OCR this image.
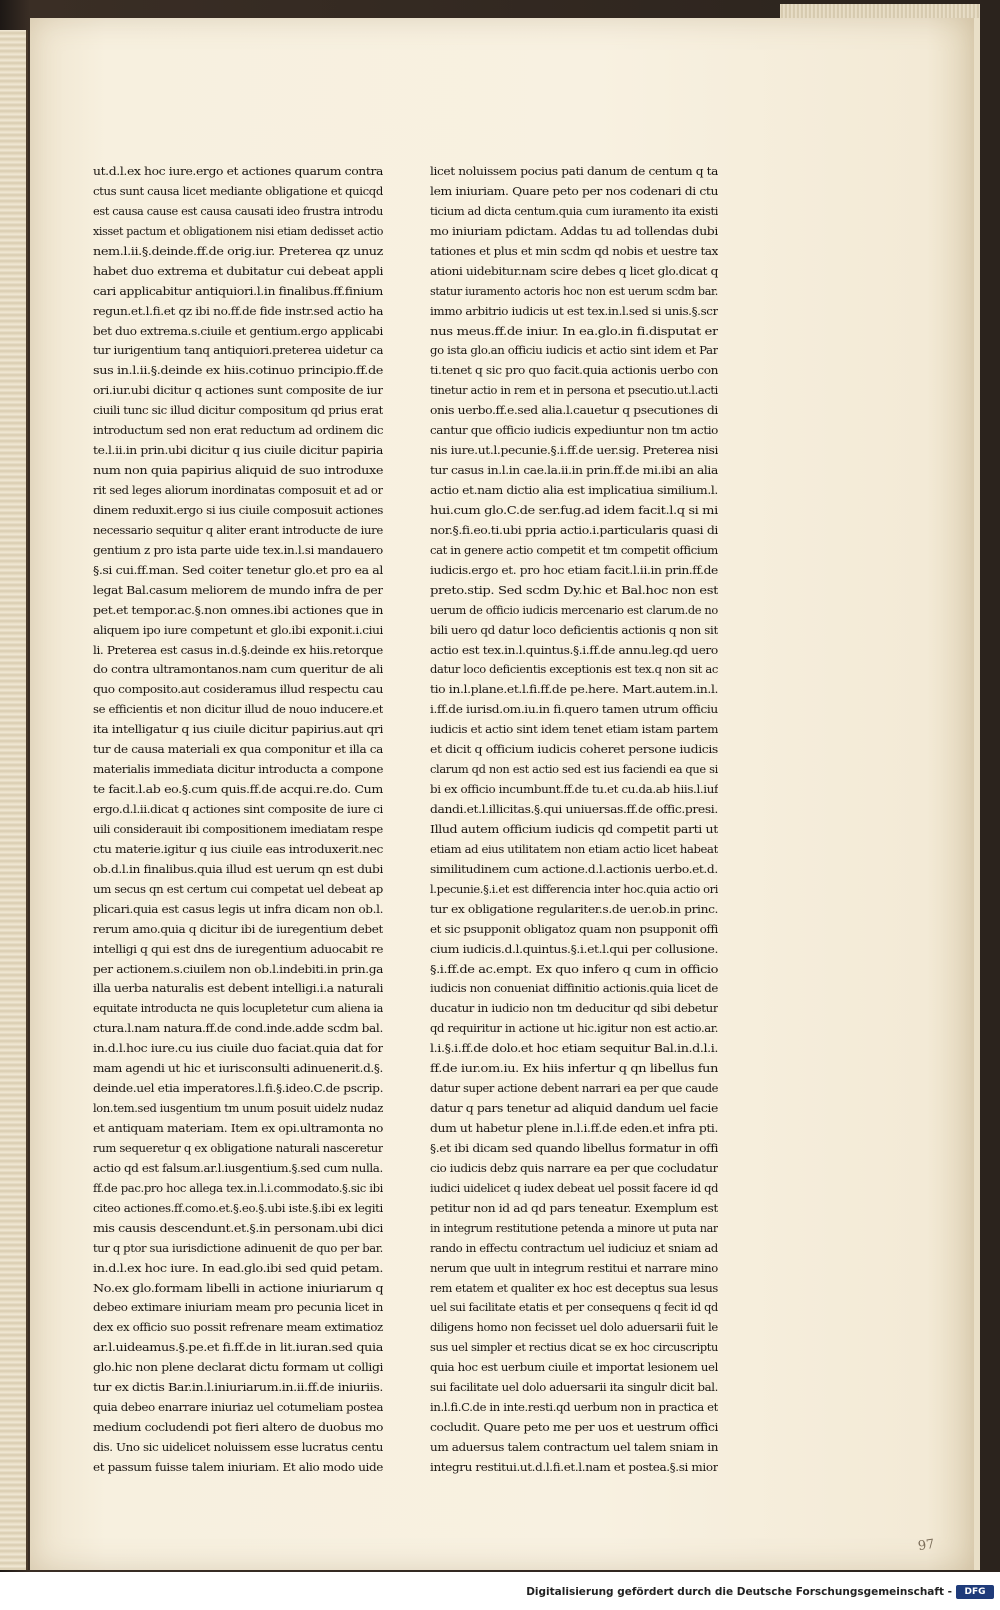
ut.d.l.ex hoc iure.ergo et actiones quarum contra
ctus sunt causa licet mediante obligatione et quicqd
est causa cause est causa causati ideo frustra introdu
xisset pactum et obligationem nisi etiam dedisset actio
nem.l.ii.§.deinde.ff.de orig.iur. Preterea qz unuz
habet duo extrema et dubitatur cui debeat appli
cari applicabitur antiquiori.l.in finalibus.ff.finium
regun.et.l.fi.et qz ibi no.ff.de fide instr.sed actio ha
bet duo extrema.s.ciuile et gentium.ergo applicabi
tur iurigentium tanq antiquiori.preterea uidetur ca
sus in.l.ii.§.deinde ex hiis.cotinuo principio.ff.de
ori.iur.ubi dicitur q actiones sunt composite de iur
ciuili tunc sic illud dicitur compositum qd prius erat
introductum sed non erat reductum ad ordinem dic
te.l.ii.in prin.ubi dicitur q ius ciuile dicitur papiria
num non quia papirius aliquid de suo introduxe
rit sed leges aliorum inordinatas composuit et ad or
dinem reduxit.ergo si ius ciuile composuit actiones
necessario sequitur q aliter erant introducte de iure
gentium z pro ista parte uide tex.in.l.si mandauero
§.si cui.ff.man. Sed coiter tenetur glo.et pro ea al
legat Bal.casum meliorem de mundo infra de per
pet.et tempor.ac.§.non omnes.ibi actiones que in
aliquem ipo iure competunt et glo.ibi exponit.i.ciui
li. Preterea est casus in.d.§.deinde ex hiis.retorque
do contra ultramontanos.nam cum queritur de ali
quo composito.aut cosideramus illud respectu cau
se efficientis et non dicitur illud de nouo inducere.et
ita intelligatur q ius ciuile dicitur papirius.aut qri
tur de causa materiali ex qua componitur et illa ca
materialis immediata dicitur introducta a compone
te facit.l.ab eo.§.cum quis.ff.de acqui.re.do. Cum
ergo.d.l.ii.dicat q actiones sint composite de iure ci
uili considerauit ibi compositionem imediatam respe
ctu materie.igitur q ius ciuile eas introduxerit.nec
ob.d.l.in finalibus.quia illud est uerum qn est dubi
um secus qn est certum cui competat uel debeat ap
plicari.quia est casus legis ut infra dicam non ob.l.
rerum amo.quia q dicitur ibi de iuregentium debet
intelligi q qui est dns de iuregentium aduocabit re
per actionem.s.ciuilem non ob.l.indebiti.in prin.ga
illa uerba naturalis est debent intelligi.i.a naturali
equitate introducta ne quis locupletetur cum aliena ia
ctura.l.nam natura.ff.de cond.inde.adde scdm bal.
in.d.l.hoc iure.cu ius ciuile duo faciat.quia dat for
mam agendi ut hic et iurisconsulti adinuenerit.d.§.
deinde.uel etia imperatores.l.fi.§.ideo.C.de pscrip.
lon.tem.sed iusgentium tm unum posuit uidelz nudaz
et antiquam materiam. Item ex opi.ultramonta no
rum sequeretur q ex obligatione naturali nasceretur
actio qd est falsum.ar.l.iusgentium.§.sed cum nulla.
ff.de pac.pro hoc allega tex.in.l.i.commodato.§.sic ibi
citeo actiones.ff.como.et.§.eo.§.ubi iste.§.ibi ex legiti
mis causis descendunt.et.§.in personam.ubi dici
tur q ptor sua iurisdictione adinuenit de quo per bar.
in.d.l.ex hoc iure. In ead.glo.ibi sed quid petam.
No.ex glo.formam libelli in actione iniuriarum q
debeo extimare iniuriam meam pro pecunia licet in
dex ex officio suo possit refrenare meam extimatioz
ar.l.uideamus.§.pe.et fi.ff.de in lit.iuran.sed quia
glo.hic non plene declarat dictu formam ut colligi
tur ex dictis Bar.in.l.iniuriarum.in.ii.ff.de iniuriis.
quia debeo enarrare iniuriaz uel cotumeliam postea
medium cocludendi pot fieri altero de duobus mo
dis. Uno sic uidelicet noluissem esse lucratus centu
et passum fuisse talem iniuriam. Et alio modo uide
licet noluissem pocius pati danum de centum q ta
lem iniuriam. Quare peto per nos codenari di ctu
ticium ad dicta centum.quia cum iuramento ita existi
mo iniuriam pdictam. Addas tu ad tollendas dubi
tationes et plus et min scdm qd nobis et uestre tax
ationi uidebitur.nam scire debes q licet glo.dicat q
statur iuramento actoris hoc non est uerum scdm bar.
immo arbitrio iudicis ut est tex.in.l.sed si unis.§.scr
nus meus.ff.de iniur. In ea.glo.in fi.disputat er
go ista glo.an officiu iudicis et actio sint idem et Par
ti.tenet q sic pro quo facit.quia actionis uerbo con
tinetur actio in rem et in persona et psecutio.ut.l.acti
onis uerbo.ff.e.sed alia.l.cauetur q psecutiones di
cantur que officio iudicis expediuntur non tm actio
nis iure.ut.l.pecunie.§.i.ff.de uer.sig. Preterea nisi
tur casus in.l.in cae.la.ii.in prin.ff.de mi.ibi an alia
actio et.nam dictio alia est implicatiua similium.l.
hui.cum glo.C.de ser.fug.ad idem facit.l.q si mi
nor.§.fi.eo.ti.ubi ppria actio.i.particularis quasi di
cat in genere actio competit et tm competit officium
iudicis.ergo et. pro hoc etiam facit.l.ii.in prin.ff.de
preto.stip. Sed scdm Dy.hic et Bal.hoc non est
uerum de officio iudicis mercenario est clarum.de no
bili uero qd datur loco deficientis actionis q non sit
actio est tex.in.l.quintus.§.i.ff.de annu.leg.qd uero
datur loco deficientis exceptionis est tex.q non sit ac
tio in.l.plane.et.l.fi.ff.de pe.here. Mart.autem.in.l.
i.ff.de iurisd.om.iu.in fi.quero tamen utrum officiu
iudicis et actio sint idem tenet etiam istam partem
et dicit q officium iudicis coheret persone iudicis
clarum qd non est actio sed est ius faciendi ea que si
bi ex officio incumbunt.ff.de tu.et cu.da.ab hiis.l.iuf
dandi.et.l.illicitas.§.qui uniuersas.ff.de offic.presi.
Illud autem officium iudicis qd competit parti ut
etiam ad eius utilitatem non etiam actio licet habeat
similitudinem cum actione.d.l.actionis uerbo.et.d.
l.pecunie.§.i.et est differencia inter hoc.quia actio ori
tur ex obligatione regulariter.s.de uer.ob.in princ.
et sic psupponit obligatoz quam non psupponit offi
cium iudicis.d.l.quintus.§.i.et.l.qui per collusione.
§.i.ff.de ac.empt. Ex quo infero q cum in officio
iudicis non conueniat diffinitio actionis.quia licet de
ducatur in iudicio non tm deducitur qd sibi debetur
qd requiritur in actione ut hic.igitur non est actio.ar.
l.i.§.i.ff.de dolo.et hoc etiam sequitur Bal.in.d.l.i.
ff.de iur.om.iu. Ex hiis infertur q qn libellus fun
datur super actione debent narrari ea per que caude
datur q pars tenetur ad aliquid dandum uel facie
dum ut habetur plene in.l.i.ff.de eden.et infra pti.
§.et ibi dicam sed quando libellus formatur in offi
cio iudicis debz quis narrare ea per que cocludatur
iudici uidelicet q iudex debeat uel possit facere id qd
petitur non id ad qd pars teneatur. Exemplum est
in integrum restitutione petenda a minore ut puta nar
rando in effectu contractum uel iudiciuz et sniam ad
nerum que uult in integrum restitui et narrare mino
rem etatem et qualiter ex hoc est deceptus sua lesus
uel sui facilitate etatis et per consequens q fecit id qd
diligens homo non fecisset uel dolo aduersarii fuit le
sus uel simpler et rectius dicat se ex hoc circuscriptu
quia hoc est uerbum ciuile et importat lesionem uel
sui facilitate uel dolo aduersarii ita singulr dicit bal.
in.l.fi.C.de in inte.resti.qd uerbum non in practica et
cocludit. Quare peto me per uos et uestrum offici
um aduersus talem contractum uel talem sniam in
integru restitui.ut.d.l.fi.et.l.nam et postea.§.si mior
97
Digitalisierung gefördert durch die Deutsche Forschungsgemeinschaft -	DFG
